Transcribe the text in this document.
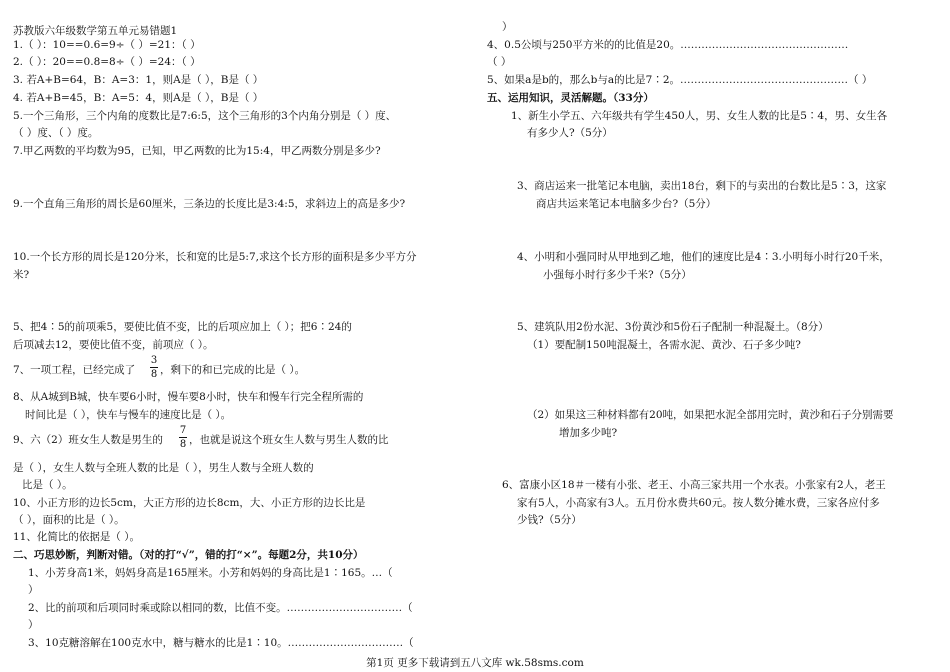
苏教版六年级数学第五单元易错题1
1.（ ）：10==0.6=9÷（ ）=21：（ ）
2.（ ）：20==0.8=8÷（ ）=24：（ ）
3. 若A+B=64，B：A=3：1，则A是（ ），B是（ ）
4. 若A+B=45，B：A=5：4，则A是（ ），B是（ ）
5.一个三角形，三个内角的度数比是7:6:5，这个三角形的3个内角分别是（ ）度、
（ ）度、（ ）度。
7.甲乙两数的平均数为95，已知，甲乙两数的比为15:4，甲乙两数分别是多少?
9.一个直角三角形的周长是60厘米，三条边的长度比是3:4:5，求斜边上的高是多少?
10.一个长方形的周长是120分米，长和宽的比是5:7,求这个长方形的面积是多少平方分
米?
5、把4∶5的前项乘5，要使比值不变，比的后项应加上（ ）；把6∶24的
后项减去12，要使比值不变，前项应（ ）。
7、一项工程，已经完成了
3
8 ，剩下的和已完成的比是（ ）。
8、从A城到B城，快车要6小时，慢车要8小时，快车和慢车行完全程所需的
时间比是（ ），快车与慢车的速度比是（ ）。
9、六（2）班女生人数是男生的
7
8 ，也就是说这个班女生人数与男生人数的比
是（ ），女生人数与全班人数的比是（ ），男生人数与全班人数的
比是（ ）。
10、小正方形的边长5cm，大正方形的边长8cm，大、小正方形的边长比是
（ ），面积的比是（ ）。
11、化简比的依据是（ ）。
二、巧思妙断，判断对错。（对的打“√”，错的打“×”。每题2分，共10分）
1、小芳身高1米，妈妈身高是165厘米。小芳和妈妈的身高比是1∶165。…（
）
2、比的前项和后项同时乘或除以相同的数，比值不变。……………………………（
）
3、10克糖溶解在100克水中，糖与糖水的比是1∶10。……………………………（
）
4、0.5公顷与250平方米的的比值是20。…………………………………………
（ ）
5、如果a是b的，那么b与a的比是7∶2。…………………………………………（ ）
五、运用知识，灵活解题。（33分）
1、新生小学五、六年级共有学生450人，男、女生人数的比是5∶4，男、女生各
有多少人?（5分）
3、商店运来一批笔记本电脑，卖出18台，剩下的与卖出的台数比是5∶3，这家
商店共运来笔记本电脑多少台?（5分）
4、小明和小强同时从甲地到乙地，他们的速度比是4∶3.小明每小时行20千米，
小强每小时行多少千米?（5分）
5、建筑队用2份水泥、3份黄沙和5份石子配制一种混凝土。（8分）
（1）要配制150吨混凝土，各需水泥、黄沙、石子多少吨?
（2）如果这三种材料都有20吨，如果把水泥全部用完时，黄沙和石子分别需要
增加多少吨?
6、富康小区18＃一楼有小张、老王、小高三家共用一个水表。小张家有2人，老王
家有5人，小高家有3人。五月份水费共60元。按人数分摊水费，三家各应付多
少钱?（5分）
第1页 更多下载请到五八文库 wk.58sms.com
